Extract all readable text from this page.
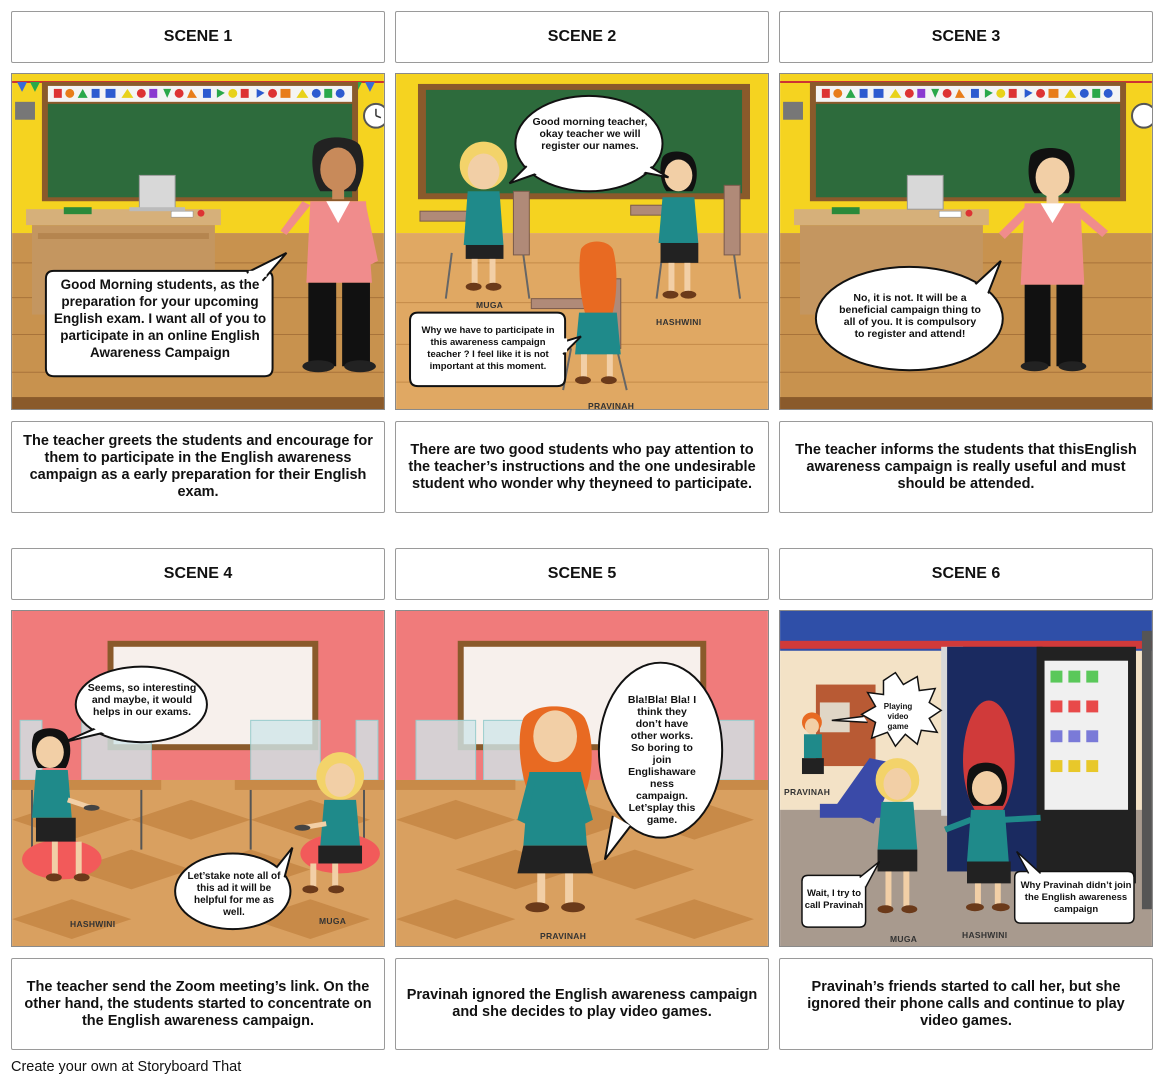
SCENE 1	SCENE 2	SCENE 3
Good Morning students, as the preparation for your upcoming English exam. I want all of you to participate in an online English Awareness Campaign
Good morning teacher, okay teacher we will register our names.
Why we have to participate in this awareness campaign teacher ? I feel like it is not important at this moment.
MUGA
HASHWINI
PRAVINAH
No, it is not. It will be a beneficial campaign thing to all of you. It is compulsory to register and attend!
The teacher greets the students and encourage for them to participate in the English awareness campaign as a early preparation for their English exam.
There are two good students who pay attention to the teacher’s instructions and the one undesirable student who wonder why theyneed to participate.
The teacher informs the students that thisEnglish awareness campaign is really useful and must should be attended.
SCENE 4	SCENE 5	SCENE 6
Seems, so interesting and maybe, it would helps in our exams.
Let’stake note all of this ad it will be helpful for me as well.
HASHWINI	MUGA
Bla!Bla! Bla! I think they don’t have other works. So boring to join Englishaware ness campaign. Let’splay this game.
PRAVINAH
Playing video game
Wait, I try to call Pravinah
Why Pravinah didn’t join the English awareness campaign
PRAVINAH
MUGA	HASHWINI
The teacher send the Zoom meeting’s link. On the other hand, the students started to concentrate on the English awareness campaign.
Pravinah ignored the English awareness campaign and she decides to play video games.
Pravinah’s friends started to call her, but she ignored their phone calls and continue to play video games.
Create your own at Storyboard That
